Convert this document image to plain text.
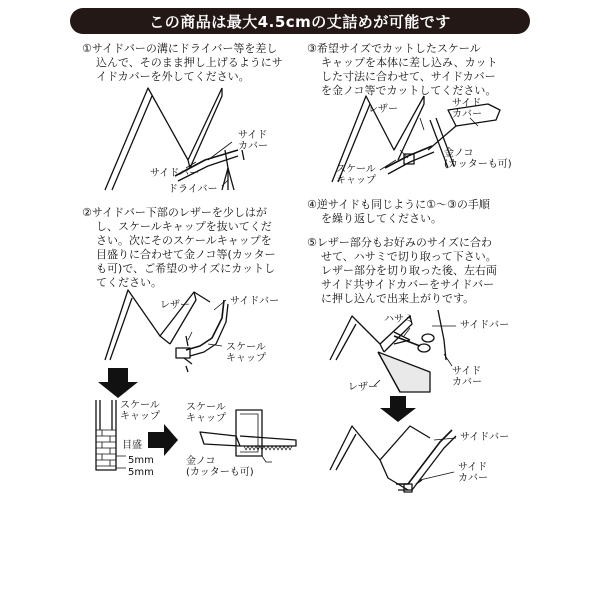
この商品は最大4.5cmの丈詰めが可能です
①サイドバーの溝にドライバー等を差し
込んで、そのまま押し上げるようにサ
イドカバーを外してください。
②サイドバー下部のレザーを少しはが
し、スケールキャップを抜いてくだ
さい。次にそのスケールキャップを
目盛りに合わせて金ノコ等(カッター
も可)で、ご希望のサイズにカットし
てください。
③希望サイズでカットしたスケール
キャップを本体に差し込み、カット
した寸法に合わせて、サイドカバー
を金ノコ等でカットしてください。
④逆サイドも同じように①～③の手順
を繰り返してください。
⑤レザー部分もお好みのサイズに合わ
せて、ハサミで切り取って下さい。
レザー部分を切り取った後、左右両
サイド共サイドカバーをサイドバー
に押し込んで出来上がりです。
サイド
カバー
サイドバー
ドライバー
レザー
サイド
カバー
金ノコ
(カッターも可)
スケール
キャップ
レザー	サイドバー
スケール
キャップ
スケール
キャップ
目盛
5mm
5mm
スケール
キャップ
金ノコ
(カッターも可)
ハサミ
サイドバー
サイド
カバー
レザー
サイドバー
サイド
カバー
